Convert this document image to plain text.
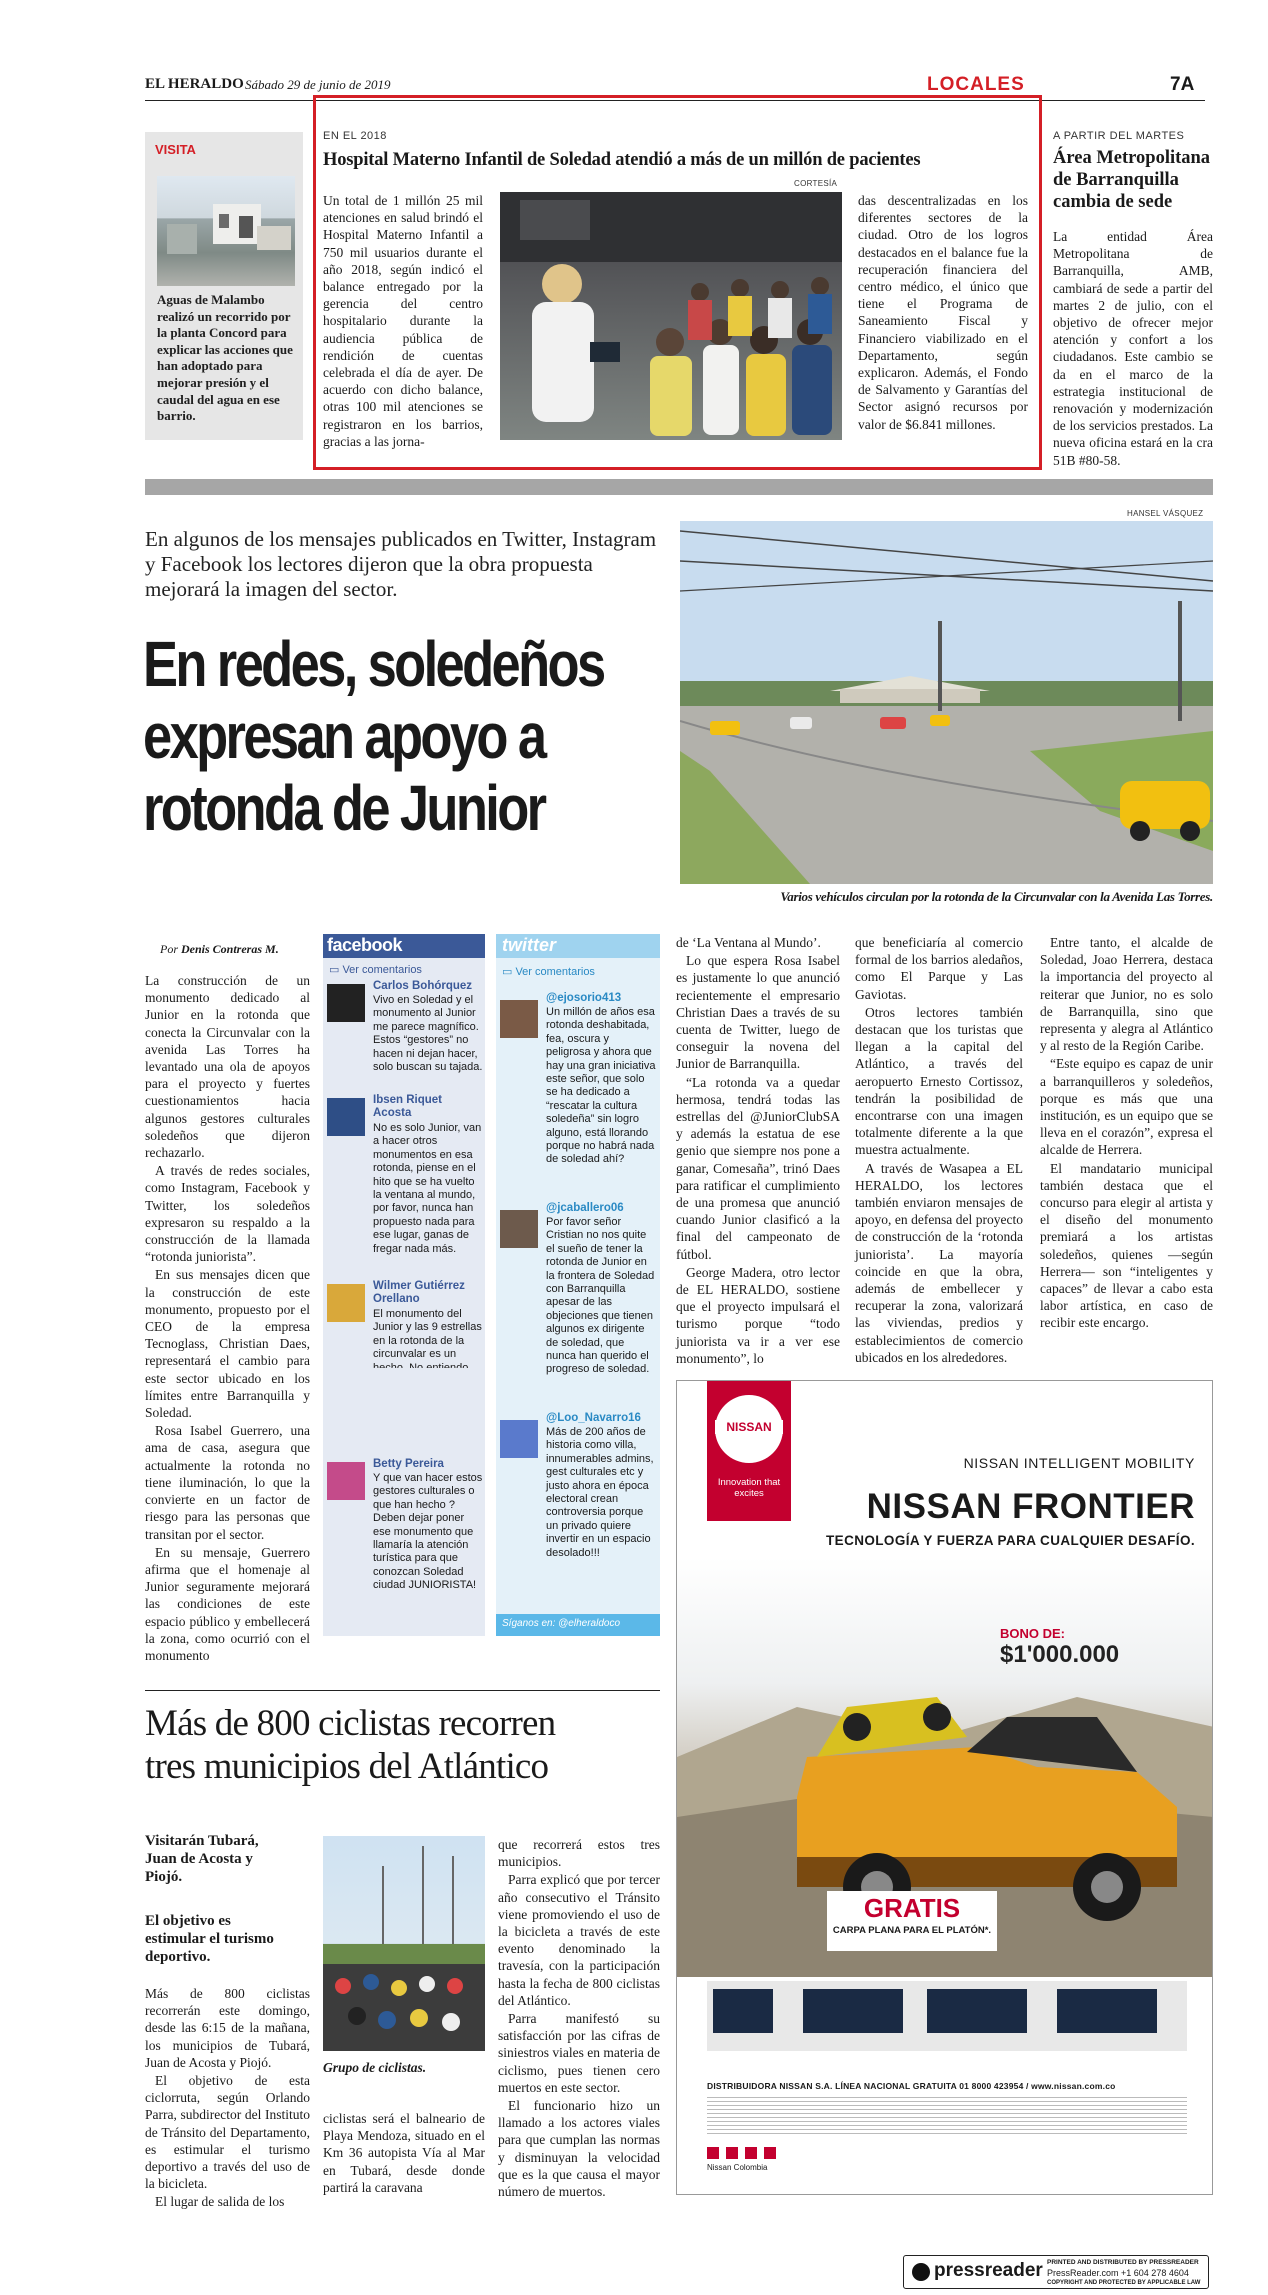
EL HERALDO Sábado 29 de junio de 2019	LOCALES	7A
VISITA
Aguas de Malambo realizó un recorrido por la planta Concord para explicar las acciones que han adoptado para mejorar presión y el caudal del agua en ese barrio.
EN EL 2018
Hospital Materno Infantil de Soledad atendió a más de un millón de pacientes
Un total de 1 millón 25 mil atenciones en salud brindó el Hospital Materno Infantil a 750 mil usuarios durante el año 2018, según indicó el balance entregado por la gerencia del centro hospitalario durante la audiencia pública de rendición de cuentas celebrada el día de ayer. De acuerdo con dicho balance, otras 100 mil atenciones se registraron en los barrios, gracias a las jorna-
CORTESÍA
das descentralizadas en los diferentes sectores de la ciudad. Otro de los logros destacados en el balance fue la recuperación financiera del centro médico, el único que tiene el Programa de Saneamiento Fiscal y Financiero viabilizado en el Departamento, según explicaron. Además, el Fondo de Salvamento y Garantías del Sector asignó recursos por valor de $6.841 millones.
A PARTIR DEL MARTES
Área Metropolitana de Barranquilla cambia de sede
La entidad Área Metropolitana de Barranquilla, AMB, cambiará de sede a partir del martes 2 de julio, con el objetivo de ofrecer mejor atención y confort a los ciudadanos. Este cambio se da en el marco de la estrategia institucional de renovación y modernización de los servicios prestados. La nueva oficina estará en la cra 51B #80-58.
En algunos de los mensajes publicados en Twitter, Instagram y Facebook los lectores dijeron que la obra propuesta mejorará la imagen del sector.
En redes, soledeños
expresan apoyo a
rotonda de Junior
HANSEL VÁSQUEZ
Varios vehículos circulan por la rotonda de la Circunvalar con la Avenida Las Torres.
Por Denis Contreras M.

La construcción de un monumento dedicado al Junior en la rotonda que conecta la Circunvalar con la avenida Las Torres ha levantado una ola de apoyos para el proyecto y fuertes cuestionamientos hacia algunos gestores culturales soledeños que dijeron rechazarlo.

A través de redes sociales, como Instagram, Facebook y Twitter, los soledeños expresaron su respaldo a la construcción de la llamada “rotonda juniorista”.

En sus mensajes dicen que la construcción de este monumento, propuesto por el CEO de la empresa Tecnoglass, Christian Daes, representará el cambio para este sector ubicado en los límites entre Barranquilla y Soledad.

Rosa Isabel Guerrero, una ama de casa, asegura que actualmente la rotonda no tiene iluminación, lo que la convierte en un factor de riesgo para las personas que transitan por el sector.

En su mensaje, Guerrero afirma que el homenaje al Junior seguramente mejorará las condiciones de este espacio público y embellecerá la zona, como ocurrió con el monumento

facebook
▭ Ver comentarios
Carlos Bohórquez
Vivo en Soledad y el monumento al Junior me parece magnífico. Estos “gestores” no hacen ni dejan hacer, solo buscan su tajada.
Ibsen Riquet Acosta
No es solo Junior, van a hacer otros monumentos en esa rotonda, piense en el hito que se ha vuelto la ventana al mundo, por favor, nunca han propuesto nada para ese lugar, ganas de fregar nada más.
Wilmer Gutiérrez Orellano
El monumento del Junior y las 9 estrellas en la rotonda de la circunvalar es un
Betty Pereira
Y que van hacer estos gestores culturales o que han hecho ? Deben dejar poner ese monumento que llamaría la atención turística para que conozcan Soledad ciudad JUNIORISTA!
twitter
▭ Ver comentarios
@ejosorio413
Un millón de años esa rotonda deshabitada, fea, oscura y peligrosa y ahora que hay una gran iniciativa este señor, que solo se ha dedicado a “rescatar la cultura soledeña” sin logro alguno, está llorando porque no habrá nada de soledad ahí?
@jcaballero06
Por favor señor Cristian no nos quite el sueño de tener la rotonda de Junior en la frontera de Soledad con Barranquilla apesar de las objeciones que tienen algunos ex dirigente de soledad, que nunca han querido el progreso de soledad.
@Loo_Navarro16
Más de 200 años de historia como villa, innumerables admins, gest culturales etc y justo ahora en época electoral crean controversia porque un privado quiere invertir en un espacio desolado!!!
Síganos en: @elheraldoco

de ‘La Ventana al Mundo’.

Lo que espera Rosa Isabel es justamente lo que anunció recientemente el empresario Christian Daes a través de su cuenta de Twitter, luego de conseguir la novena del Junior de Barranquilla.

“La rotonda va a quedar hermosa, tendrá todas las estrellas del @JuniorClubSA y además la estatua de ese genio que siempre nos pone a ganar, Comesaña”, trinó Daes para ratificar el cumplimiento de una promesa que anunció cuando Junior clasificó a la final del campeonato de fútbol.

George Madera, otro lector de EL HERALDO, sostiene que el proyecto impulsará el turismo porque “todo juniorista va ir a ver ese monumento”, lo

que beneficiaría al comercio formal de los barrios aledaños, como El Parque y Las Gaviotas.

Otros lectores también destacan que los turistas que llegan a la capital del Atlántico, a través del aeropuerto Ernesto Cortissoz, tendrán la posibilidad de encontrarse con una imagen totalmente diferente a la que muestra actualmente.

A través de Wasapea a EL HERALDO, los lectores también enviaron mensajes de apoyo, en defensa del proyecto de construcción de la ‘rotonda juniorista’. La mayoría coincide en que la obra, además de embellecer y recuperar la zona, valorizará las viviendas, predios y establecimientos de comercio ubicados en los alrededores.

Entre tanto, el alcalde de Soledad, Joao Herrera, destaca la importancia del proyecto al reiterar que Junior, no es solo de Barranquilla, sino que representa y alegra al Atlántico y al resto de la Región Caribe.

“Este equipo es capaz de unir a barranquilleros y soledeños, porque es más que una institución, es un equipo que se lleva en el corazón”, expresa el alcalde de Herrera.

El mandatario municipal también destaca que el concurso para elegir al artista y el diseño del monumento premiará a los artistas soledeños, quienes —según Herrera— son “inteligentes y capaces” de llevar a cabo esta labor artística, en caso de recibir este encargo.

Más de 800 ciclistas recorren
tres municipios del Atlántico
Visitarán Tubará, Juan de Acosta y Piojó.
El objetivo es estimular el turismo deportivo.

Más de 800 ciclistas recorrerán este domingo, desde las 6:15 de la mañana, los municipios de Tubará, Juan de Acosta y Piojó.

El objetivo de esta ciclorruta, según Orlando Parra, subdirector del Instituto de Tránsito del Departamento, es estimular el turismo deportivo a través del uso de la bicicleta.

El lugar de salida de los

Grupo de ciclistas.
ciclistas será el balneario de Playa Mendoza, situado en el Km 36 autopista Vía al Mar en Tubará, desde donde partirá la caravana

que recorrerá estos tres municipios.

Parra explicó que por tercer año consecutivo el Tránsito viene promoviendo el uso de la bicicleta a través de este evento denominado la travesía, con la participación hasta la fecha de 800 ciclistas del Atlántico.

Parra manifestó su satisfacción por las cifras de siniestros viales en materia de ciclismo, pues tienen cero muertos en este sector.

El funcionario hizo un llamado a los actores viales para que cumplan las normas y disminuyan la velocidad que es la que causa el mayor número de muertos.

NISSAN
Innovation that excites
NISSAN INTELLIGENT MOBILITY
NISSAN FRONTIER
TECNOLOGÍA Y FUERZA PARA CUALQUIER DESAFÍO.
BONO DE:
$1'000.000
GRATIS
CARPA PLANA PARA EL PLATÓN*.
DISTRIBUIDORA NISSAN S.A. LÍNEA NACIONAL GRATUITA 01 8000 423954 / www.nissan.com.co

Nissan Colombia
pressreader PRINTED AND DISTRIBUTED BY PRESSREADER
PressReader.com +1 604 278 4604
COPYRIGHT AND PROTECTED BY APPLICABLE LAW
